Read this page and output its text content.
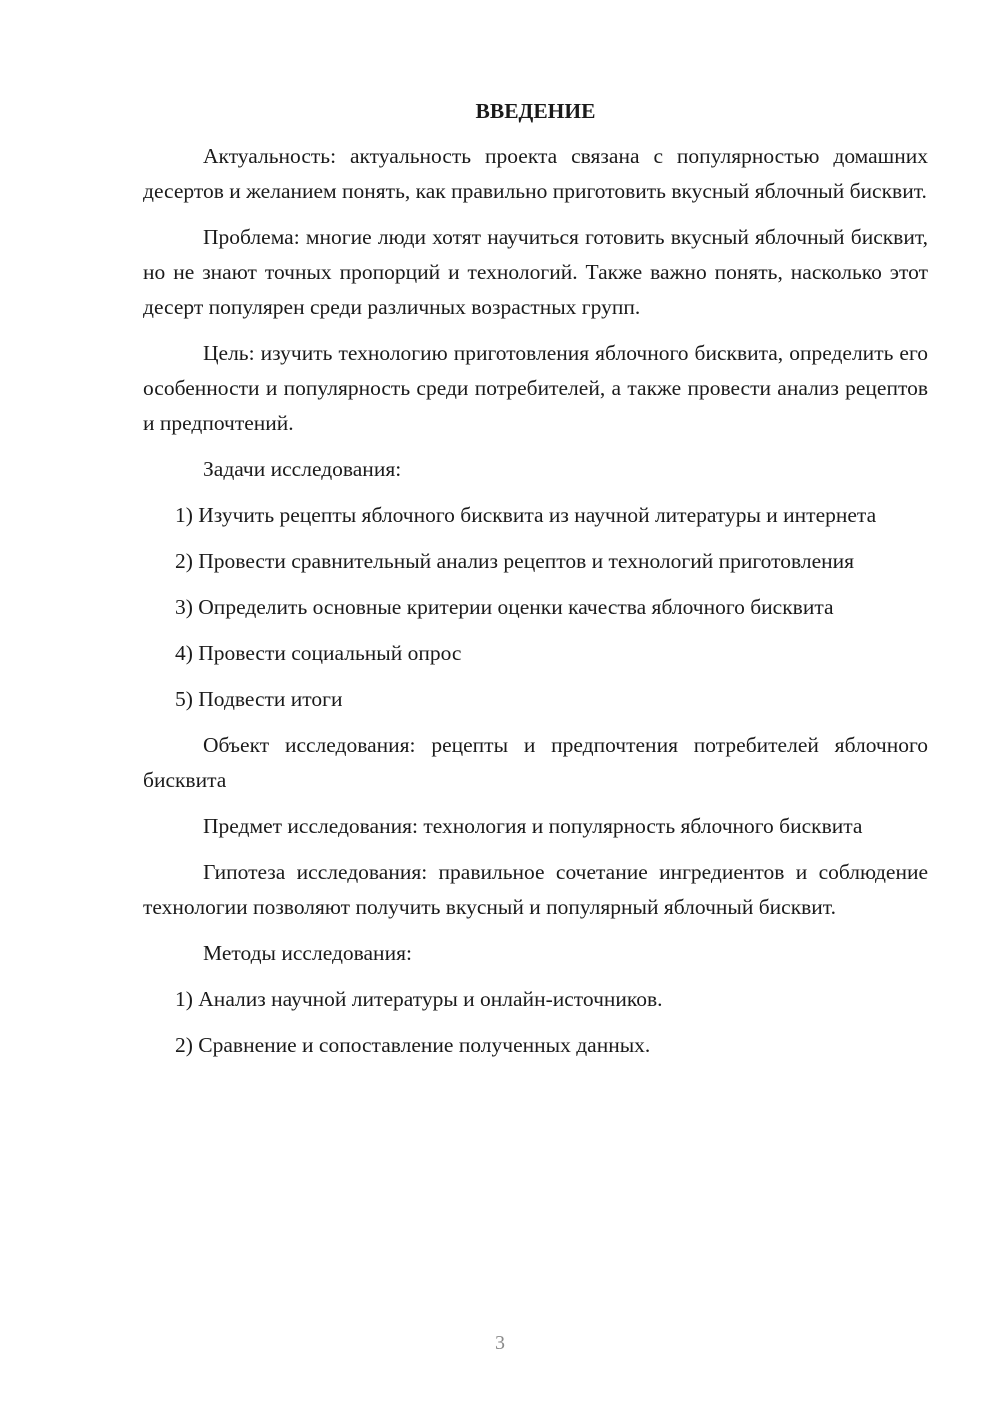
ВВЕДЕНИЕ
Актуальность: актуальность проекта связана с популярностью домашних десертов и желанием понять, как правильно приготовить вкусный яблочный бисквит.
Проблема: многие люди хотят научиться готовить вкусный яблочный бисквит, но не знают точных пропорций и технологий. Также важно понять, насколько этот десерт популярен среди различных возрастных групп.
Цель: изучить технологию приготовления яблочного бисквита, определить его особенности и популярность среди потребителей, а также провести анализ рецептов и предпочтений.
Задачи исследования:
1) Изучить рецепты яблочного бисквита из научной литературы и интернета
2) Провести сравнительный анализ рецептов и технологий приготовления
3) Определить основные критерии оценки качества яблочного бисквита
4) Провести социальный опрос
5) Подвести итоги
Объект исследования: рецепты и предпочтения потребителей яблочного бисквита
Предмет исследования: технология и популярность яблочного бисквита
Гипотеза исследования: правильное сочетание ингредиентов и соблюдение технологии позволяют получить вкусный и популярный яблочный бисквит.
Методы исследования:
1) Анализ научной литературы и онлайн-источников.
2) Сравнение и сопоставление полученных данных.
3
